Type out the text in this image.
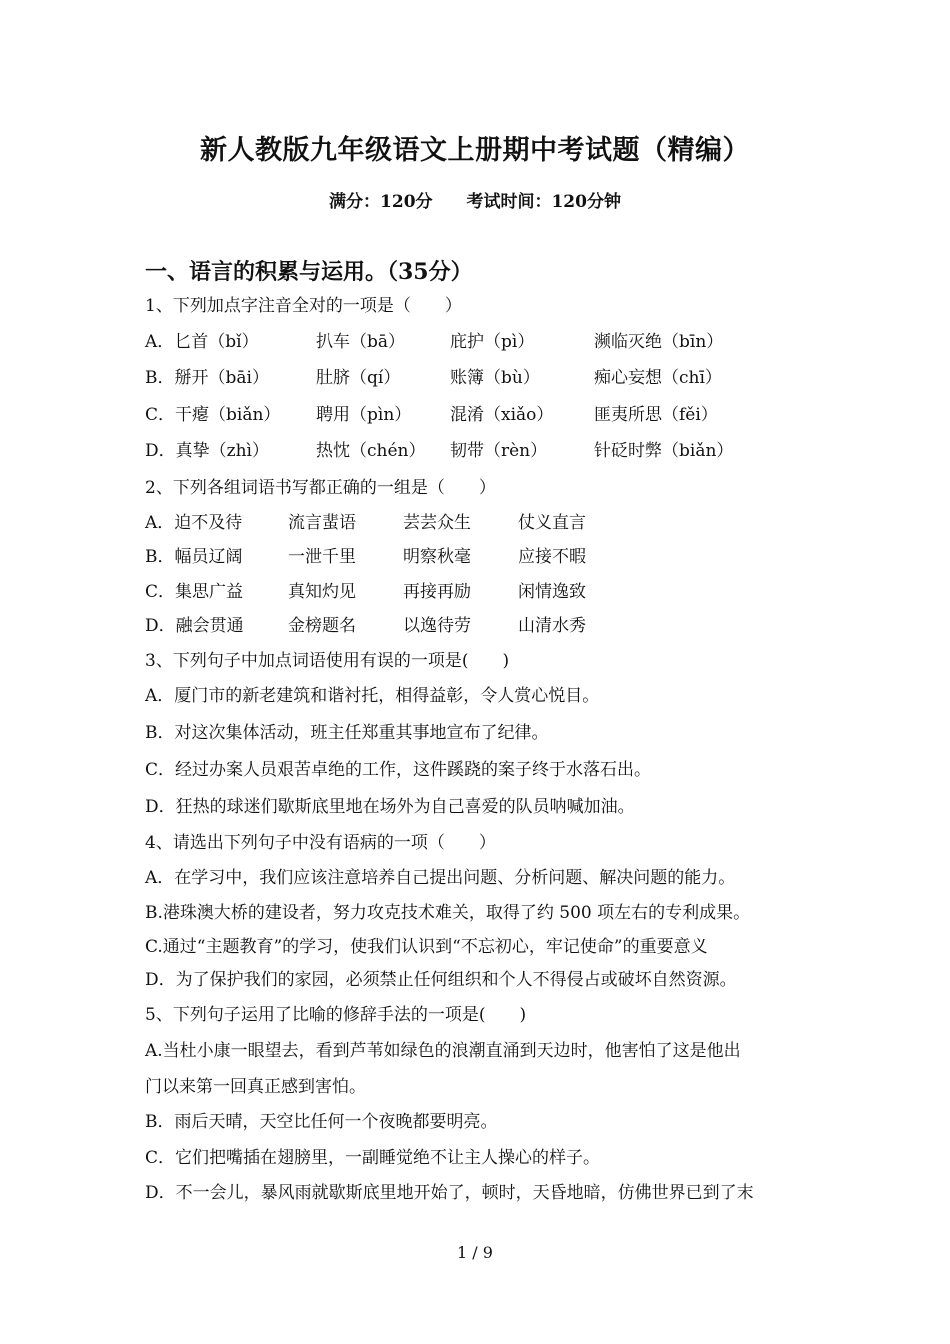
新人教版九年级语文上册期中考试题（精编）
满分：120分 考试时间：120分钟
一、语言的积累与运用。（35分）
1、下列加点字注音全对的一项是（　　）
A．匕首（bǐ）	扒车（bā）	庇护（pì）	濒临灭绝（bīn）
B．掰开（bāi）	肚脐（qí）	账簿（bù）	痴心妄想（chī）
C．干瘪（biǎn） 聘用（pìn） 混淆（xiǎo） 匪夷所思（fěi）
D．真挚（zhì）	热忱（chén） 韧带（rèn）	针砭时弊（biǎn）
2、下列各组词语书写都正确的一组是（　　）
A．迫不及待	流言蜚语	芸芸众生	仗义直言
B．幅员辽阔	一泄千里	明察秋毫	应接不暇
C．集思广益	真知灼见	再接再励	闲情逸致
D．融会贯通	金榜题名	以逸待劳	山清水秀
3、下列句子中加点词语使用有误的一项是(　　)
A．厦门市的新老建筑和谐衬托，相得益彰，令人赏心悦目。
B．对这次集体活动，班主任郑重其事地宣布了纪律。
C．经过办案人员艰苦卓绝的工作，这件蹊跷的案子终于水落石出。
D．狂热的球迷们歇斯底里地在场外为自己喜爱的队员呐喊加油。
4、请选出下列句子中没有语病的一项（　　）
A．在学习中，我们应该注意培养自己提出问题、分析问题、解决问题的能力。
B.港珠澳大桥的建设者，努力攻克技术难关，取得了约 500 项左右的专利成果。
C.通过“主题教育”的学习，使我们认识到“不忘初心，牢记使命”的重要意义
D．为了保护我们的家园，必须禁止任何组织和个人不得侵占或破坏自然资源。
5、下列句子运用了比喻的修辞手法的一项是(　　)
A.当杜小康一眼望去，看到芦苇如绿色的浪潮直涌到天边时，他害怕了这是他出
门以来第一回真正感到害怕。
B．雨后天晴，天空比任何一个夜晚都要明亮。
C．它们把嘴插在翅膀里，一副睡觉绝不让主人操心的样子。
D．不一会儿，暴风雨就歇斯底里地开始了，顿时，天昏地暗，仿佛世界已到了末
1 / 9
